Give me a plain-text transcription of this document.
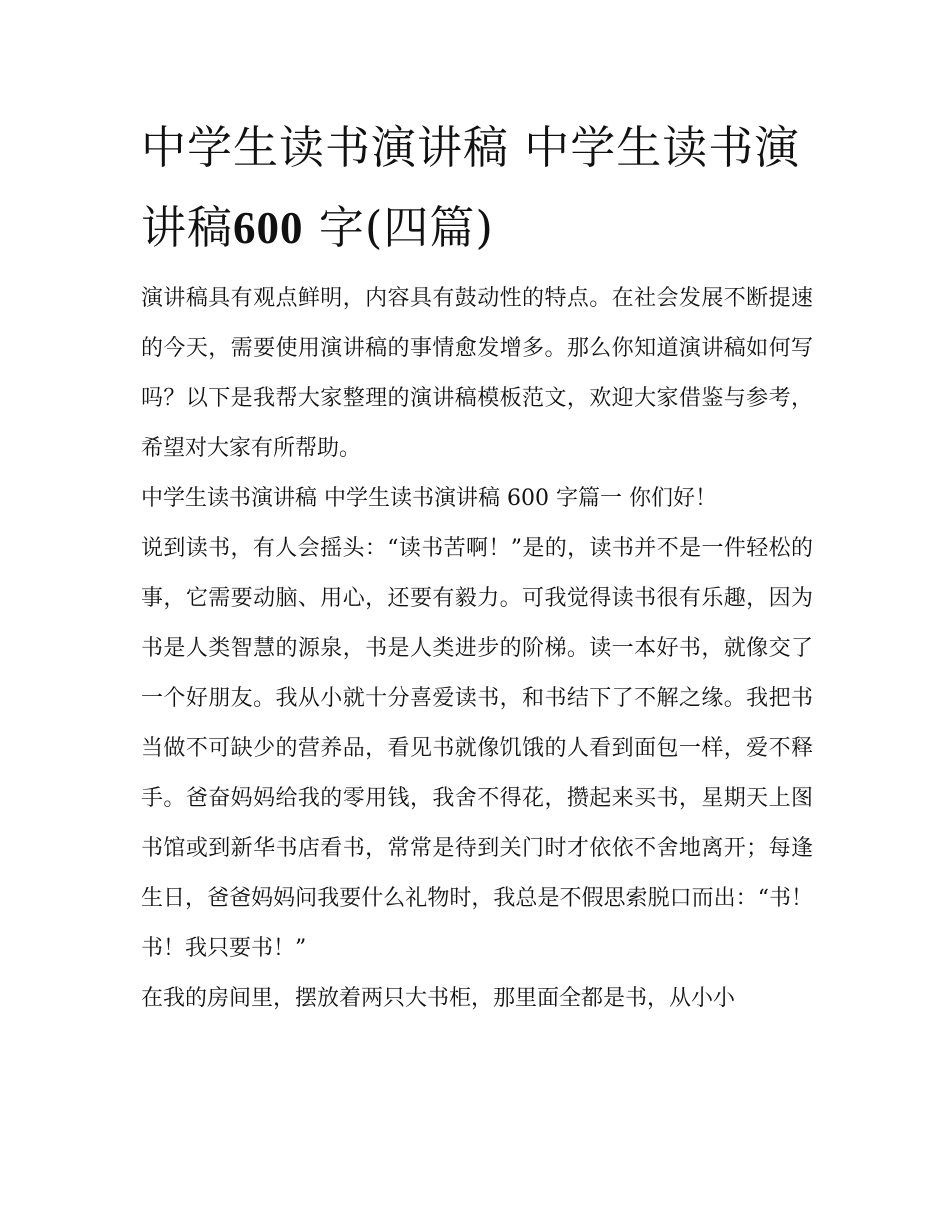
中学生读书演讲稿 中学生读书演讲稿600 字(四篇)

演讲稿具有观点鲜明，内容具有鼓动性的特点。在社会发展不断提速的今天，需要使用演讲稿的事情愈发增多。那么你知道演讲稿如何写吗？以下是我帮大家整理的演讲稿模板范文，欢迎大家借鉴与参考，希望对大家有所帮助。

中学生读书演讲稿 中学生读书演讲稿 600 字篇一 你们好！

说到读书，有人会摇头：“读书苦啊！”是的，读书并不是一件轻松的事，它需要动脑、用心，还要有毅力。可我觉得读书很有乐趣，因为书是人类智慧的源泉，书是人类进步的阶梯。读一本好书，就像交了一个好朋友。我从小就十分喜爱读书，和书结下了不解之缘。我把书当做不可缺少的营养品，看见书就像饥饿的人看到面包一样，爱不释手。爸奋妈妈给我的零用钱，我舍不得花，攒起来买书，星期天上图书馆或到新华书店看书，常常是待到关门时才依依不舍地离开；每逢生日，爸爸妈妈问我要什么礼物时，我总是不假思索脱口而出：“书！书！我只要书！”

在我的房间里，摆放着两只大书柜，那里面全都是书，从小小
